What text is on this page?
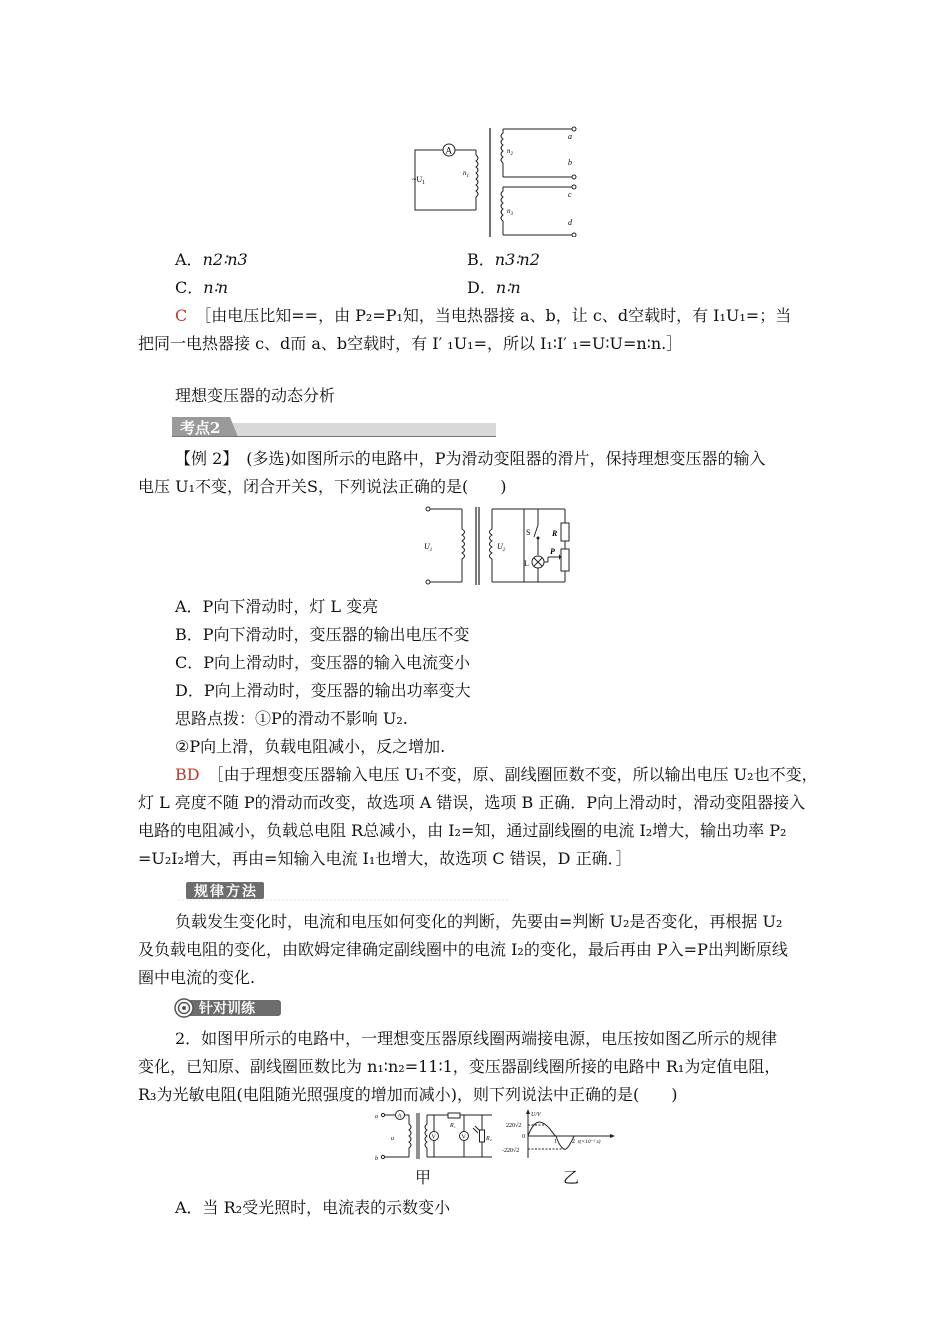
A
$\sim U_1$
$n_1$
$n_2$
a
b
$n_3$
c
d
A．n2∶n3	B．n3∶n2
C．n∶n	D．n∶n
C　 ［由电压比知==，由 P₂=P₁知，当电热器接 a、b，让 c、d空载时，有 I₁U₁=；当
把同一电热器接 c、d而 a、b空载时，有 I′ ₁U₁=，所以 I₁∶I′ ₁=U∶U=n∶n.］
理想变压器的动态分析
考点2
【例 2】　(多选)如图所示的电路中，P为滑动变阻器的滑片，保持理想变压器的输入
电压 U₁不变，闭合开关S，下列说法正确的是(　　)
$U_1$	$U_2$
S
L
R
P
A．P向下滑动时，灯 L 变亮
B．P向下滑动时，变压器的输出电压不变
C．P向上滑动时，变压器的输入电流变小
D．P向上滑动时，变压器的输出功率变大
思路点拨：①P的滑动不影响 U₂.
②P向上滑，负载电阻减小，反之增加.
BD　 ［由于理想变压器输入电压 U₁不变，原、副线圈匝数不变，所以输出电压 U₂也不变，
灯 L 亮度不随 P的滑动而改变，故选项 A 错误，选项 B 正确．P向上滑动时，滑动变阻器接入
电路的电阻减小，负载总电阻 R总减小，由 I₂=知，通过副线圈的电流 I₂增大，输出功率 P₂
=U₂I₂增大，再由=知输入电流 I₁也增大，故选项 C 错误，D 正确．］
规律方法
负载发生变化时，电流和电压如何变化的判断，先要由=判断 U₂是否变化，再根据 U₂
及负载电阻的变化，由欧姆定律确定副线圈中的电流 I₂的变化，最后再由 P入=P出判断原线
圈中电流的变化.
针对训练
2．如图甲所示的电路中，一理想变压器原线圈两端接电源，电压按如图乙所示的规律
变化，已知原、副线圈匝数比为 n₁∶n₂=11∶1，变压器副线圈所接的电路中 R₁为定值电阻，
R₃为光敏电阻(电阻随光照强度的增加而减小)，则下列说法中正确的是(　　)
a
b
A
u	V
R₁
V	R₂
U/V
220√2
0
-220√2
1	2 t(×10⁻² s)
甲	乙
A．当 R₂受光照时，电流表的示数变小
